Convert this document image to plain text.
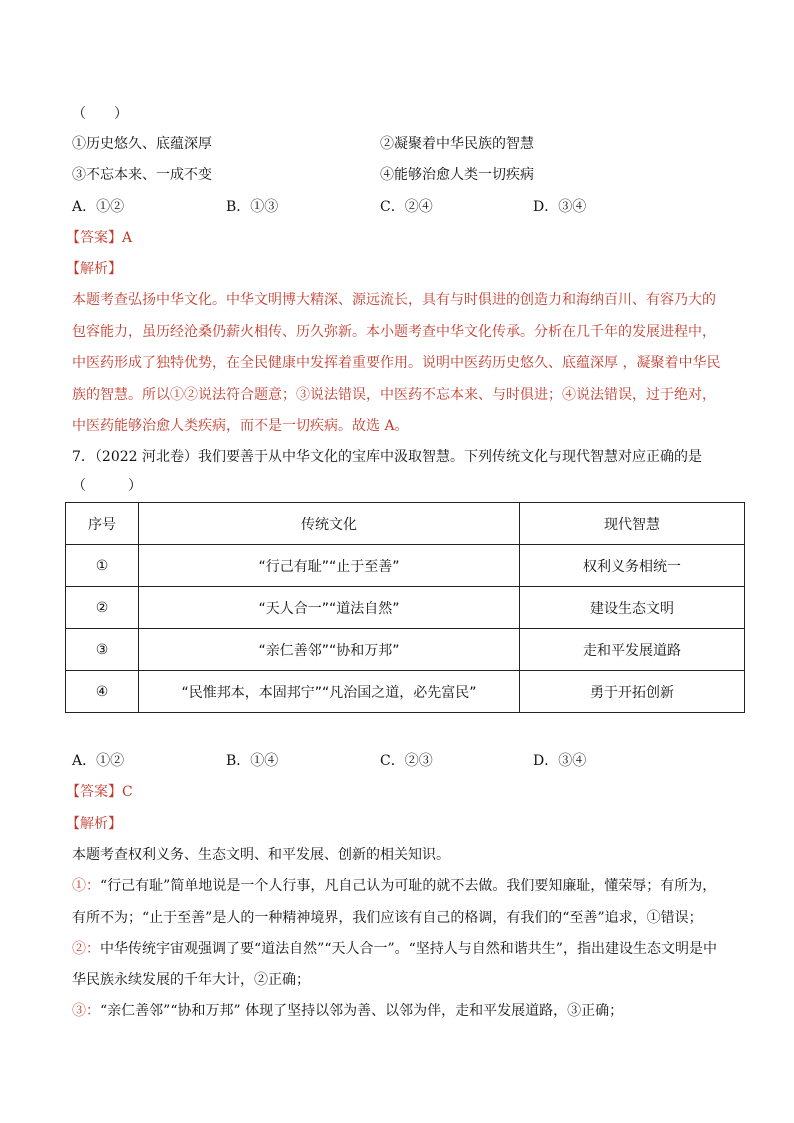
（　　）
①历史悠久、底蕴深厚	②凝聚着中华民族的智慧
③不忘本来、一成不变	④能够治愈人类一切疾病
A．①②	B．①③	C．②④	D．③④
【答案】A
【解析】
本题考查弘扬中华文化。中华文明博大精深、源远流长，具有与时俱进的创造力和海纳百川、有容乃大的
包容能力，虽历经沧桑仍薪火相传、历久弥新。本小题考查中华文化传承。分析在几千年的发展进程中，
中医药形成了独特优势，在全民健康中发挥着重要作用。说明中医药历史悠久、底蕴深厚 ，凝聚着中华民
族的智慧。所以①②说法符合题意；③说法错误，中医药不忘本来、与时俱进；④说法错误，过于绝对，
中医药能够治愈人类疾病，而不是一切疾病。故选 A。
7．（2022 河北卷）我们要善于从中华文化的宝库中汲取智慧。下列传统文化与现代智慧对应正确的是
（　　　）
序号	传统文化	现代智慧
①	“行己有耻”“止于至善”	权利义务相统一
②	“天人合一”“道法自然”	建设生态文明
③	“亲仁善邻”“协和万邦”	走和平发展道路
④	“民惟邦本，本固邦宁”“凡治国之道，必先富民”	勇于开拓创新
A．①②	B．①④	C．②③	D．③④
【答案】C
【解析】
本题考查权利义务、生态文明、和平发展、创新的相关知识。
①：“行己有耻”简单地说是一个人行事，凡自己认为可耻的就不去做。我们要知廉耻，懂荣辱；有所为，
有所不为；“止于至善”是人的一种精神境界，我们应该有自己的格调，有我们的“至善”追求，①错误；
②：中华传统宇宙观强调了要“道法自然”“天人合一”。“坚持人与自然和谐共生”，指出建设生态文明是中
华民族永续发展的千年大计，②正确；
③：“亲仁善邻”“协和万邦” 体现了坚持以邻为善、以邻为伴，走和平发展道路，③正确；
